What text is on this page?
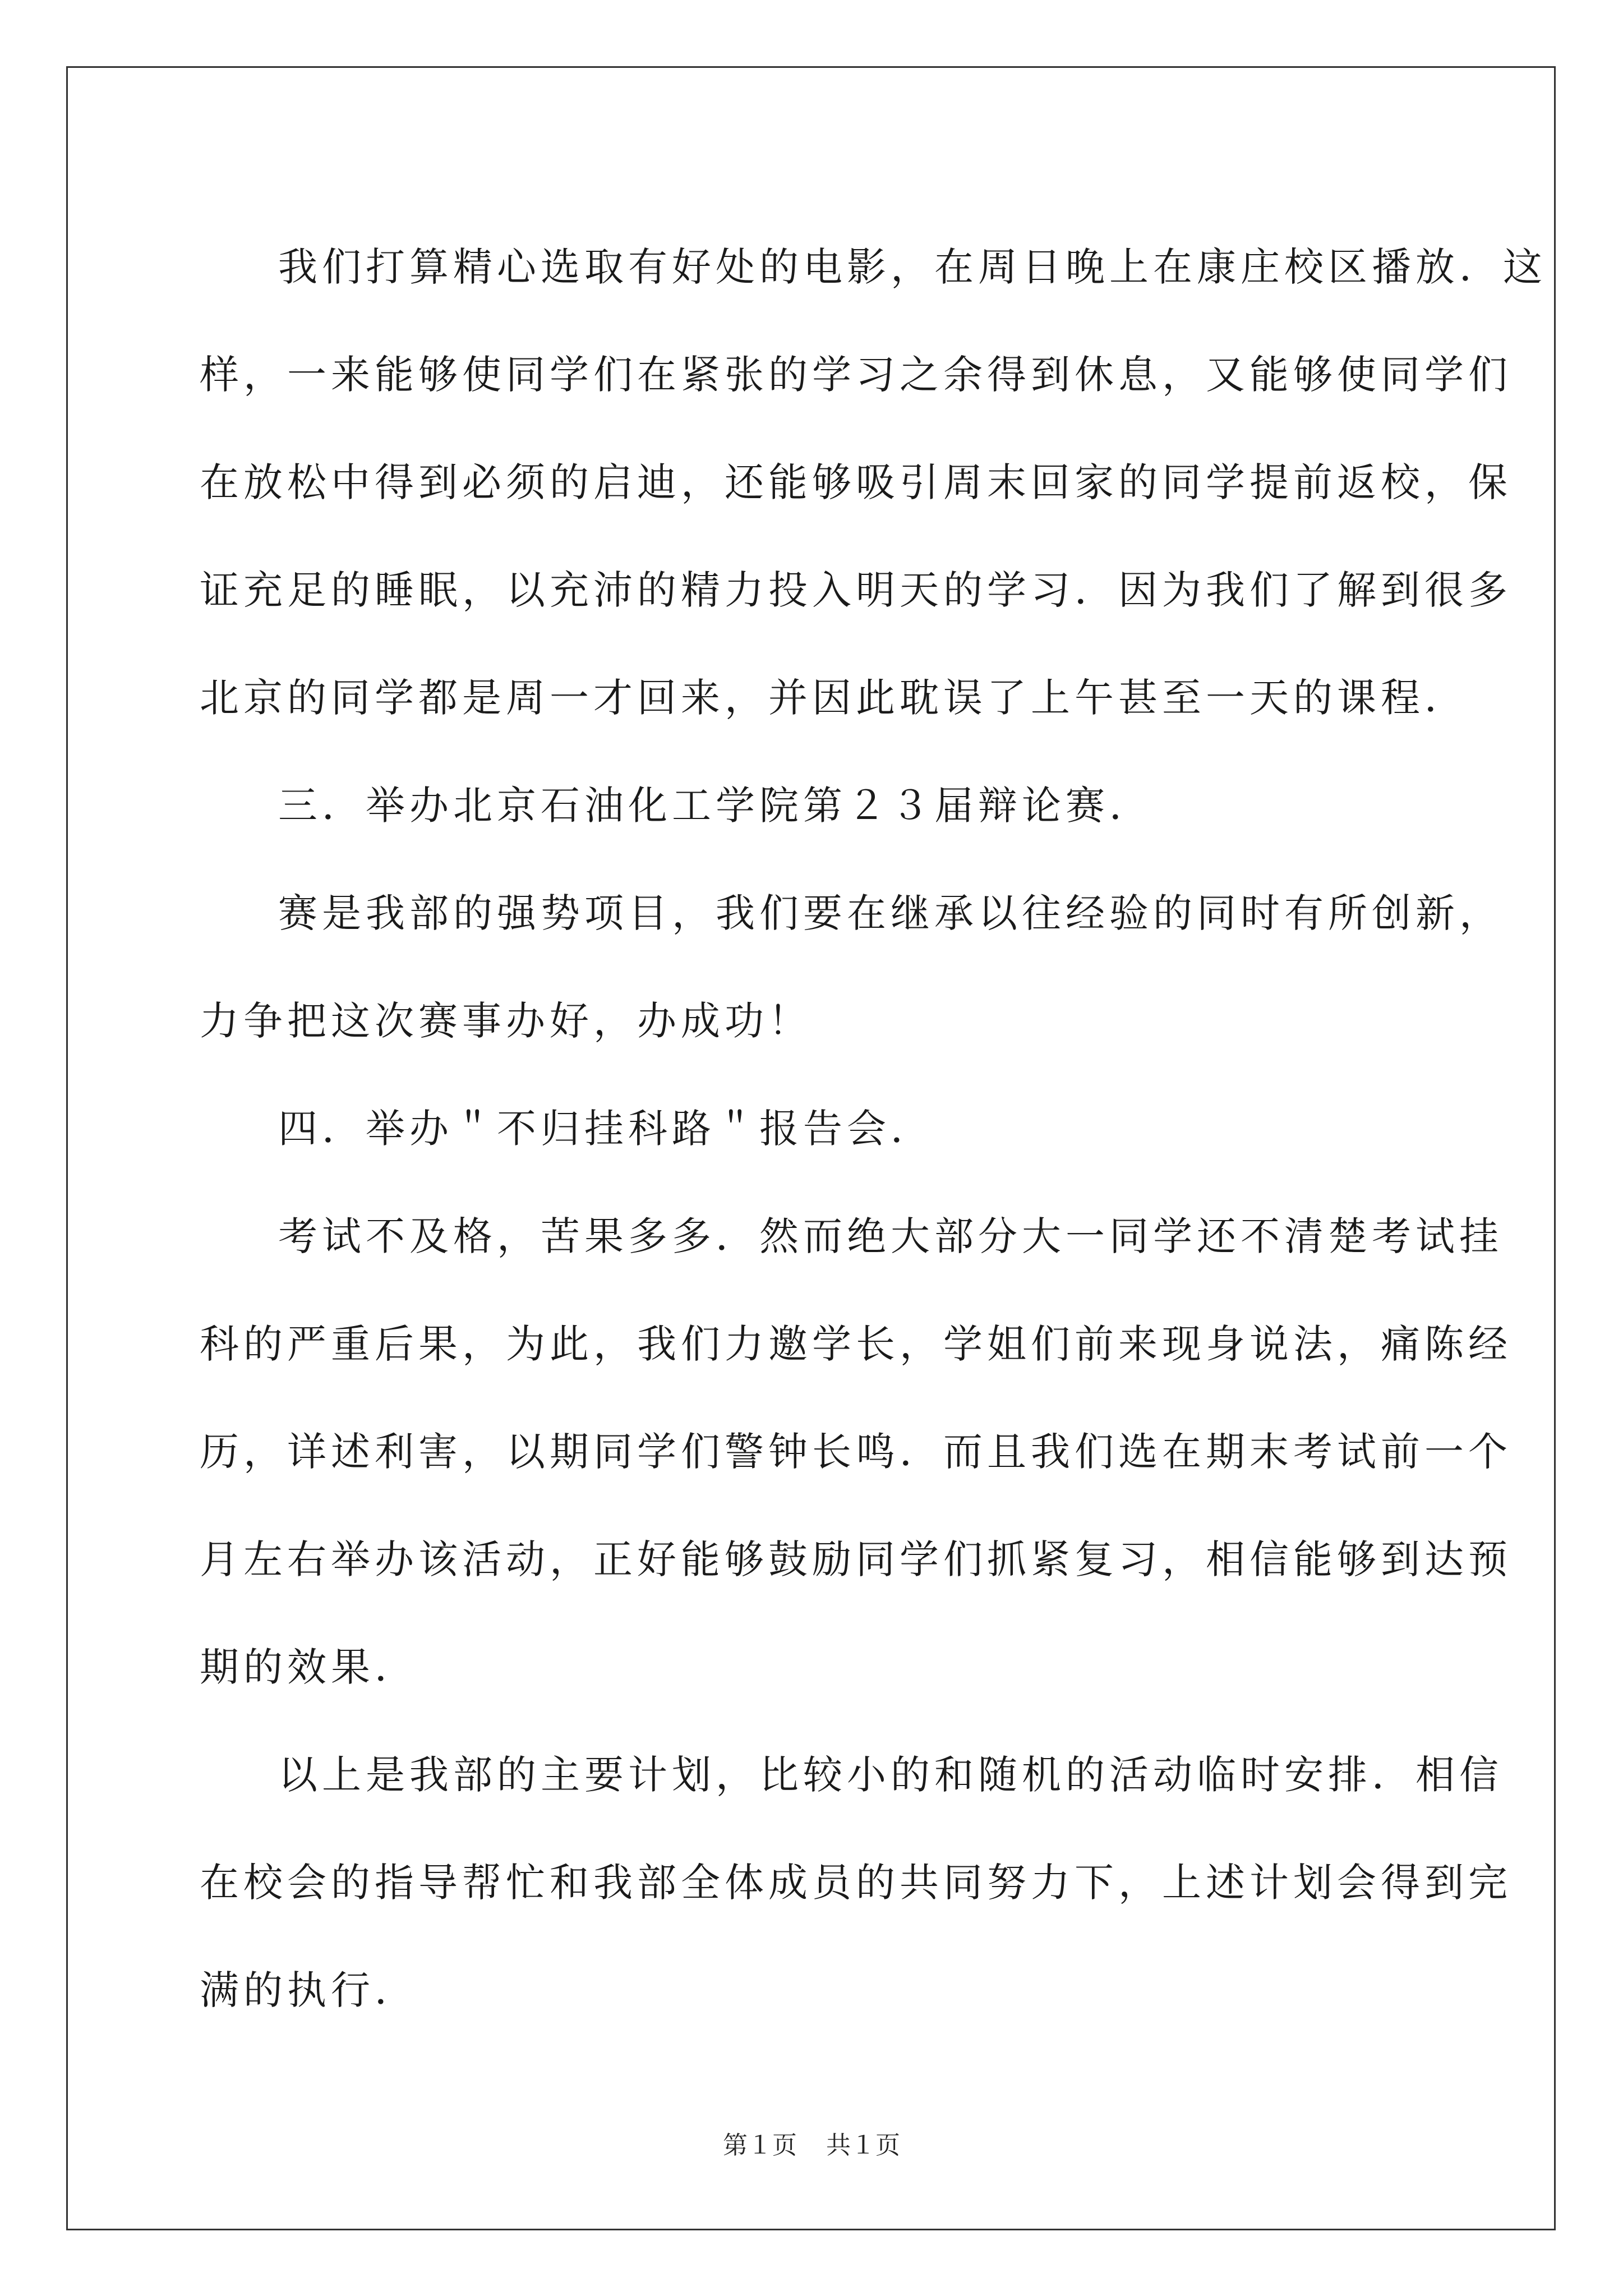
我们打算精心选取有好处的电影，在周日晚上在康庄校区播放．这
样，一来能够使同学们在紧张的学习之余得到休息，又能够使同学们
在放松中得到必须的启迪，还能够吸引周末回家的同学提前返校，保
证充足的睡眠，以充沛的精力投入明天的学习．因为我们了解到很多
北京的同学都是周一才回来，并因此耽误了上午甚至一天的课程．
三．举办北京石油化工学院第２３届辩论赛．
赛是我部的强势项目，我们要在继承以往经验的同时有所创新，
力争把这次赛事办好，办成功！
四．举办＂不归挂科路＂报告会．
考试不及格，苦果多多．然而绝大部分大一同学还不清楚考试挂
科的严重后果，为此，我们力邀学长，学姐们前来现身说法，痛陈经
历，详述利害，以期同学们警钟长鸣．而且我们选在期末考试前一个
月左右举办该活动，正好能够鼓励同学们抓紧复习，相信能够到达预
期的效果．
以上是我部的主要计划，比较小的和随机的活动临时安排．相信
在校会的指导帮忙和我部全体成员的共同努力下，上述计划会得到完
满的执行．
第１页 共１页
